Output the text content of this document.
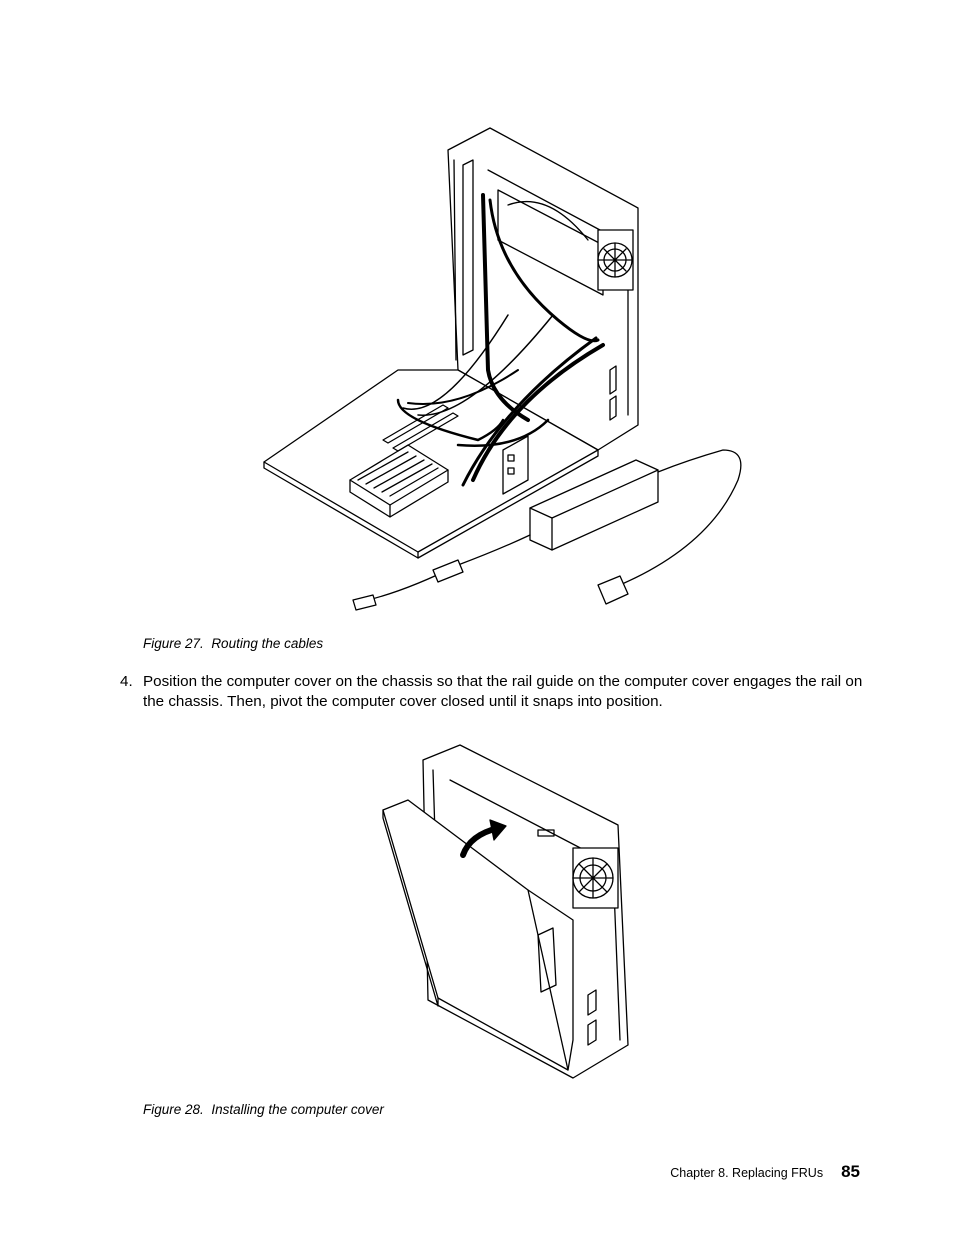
Figure 27. Routing the cables
4. Position the computer cover on the chassis so that the rail guide on the computer cover engages the rail on the chassis. Then, pivot the computer cover closed until it snaps into position.
Figure 28. Installing the computer cover
Chapter 8. Replacing FRUs 85
